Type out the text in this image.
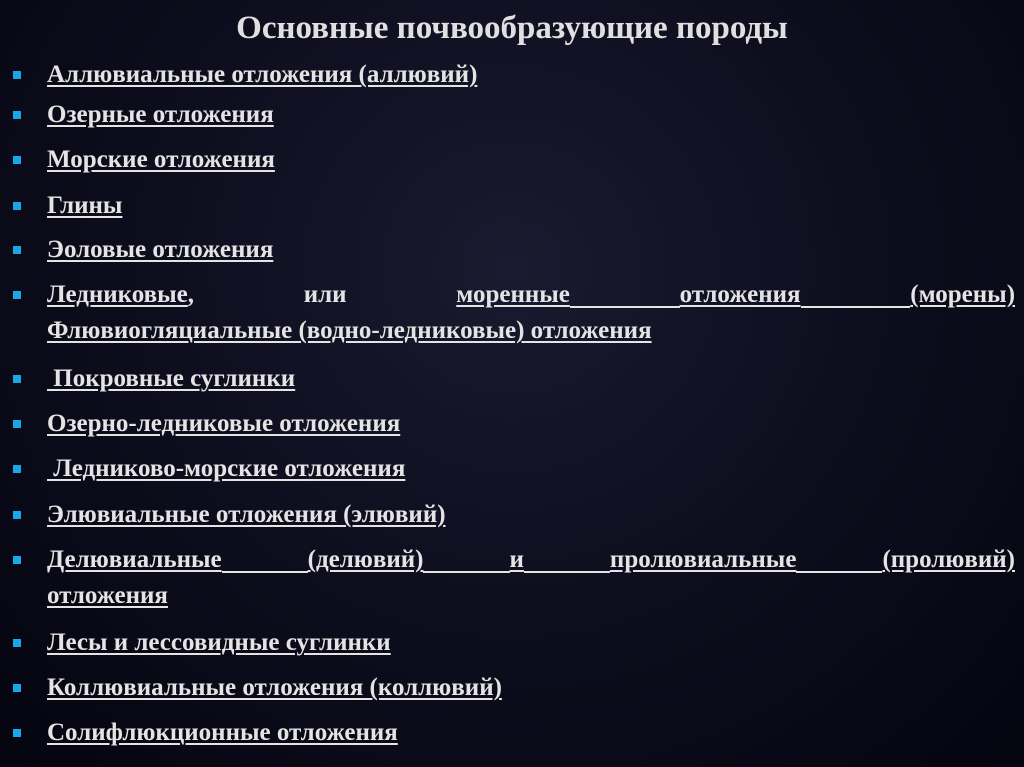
Основные почвообразующие породы
Аллювиальные отложения (аллювий)
Озерные отложения
Морские отложения
Глины
Эоловые отложения
Ледниковые ,	или	моренные	отложения	(морены)
Флювиогляциальные (водно-ледниковые) отложения
Покровные суглинки
Озерно-ледниковые отложения
Ледниково-морские отложения
Элювиальные отложения (элювий)
Делювиальные	(делювий)	и	пролювиальные	(пролювий)
отложения
Лесы и лессовидные суглинки
Коллювиальные отложения (коллювий)
Солифлюкционные отложения
